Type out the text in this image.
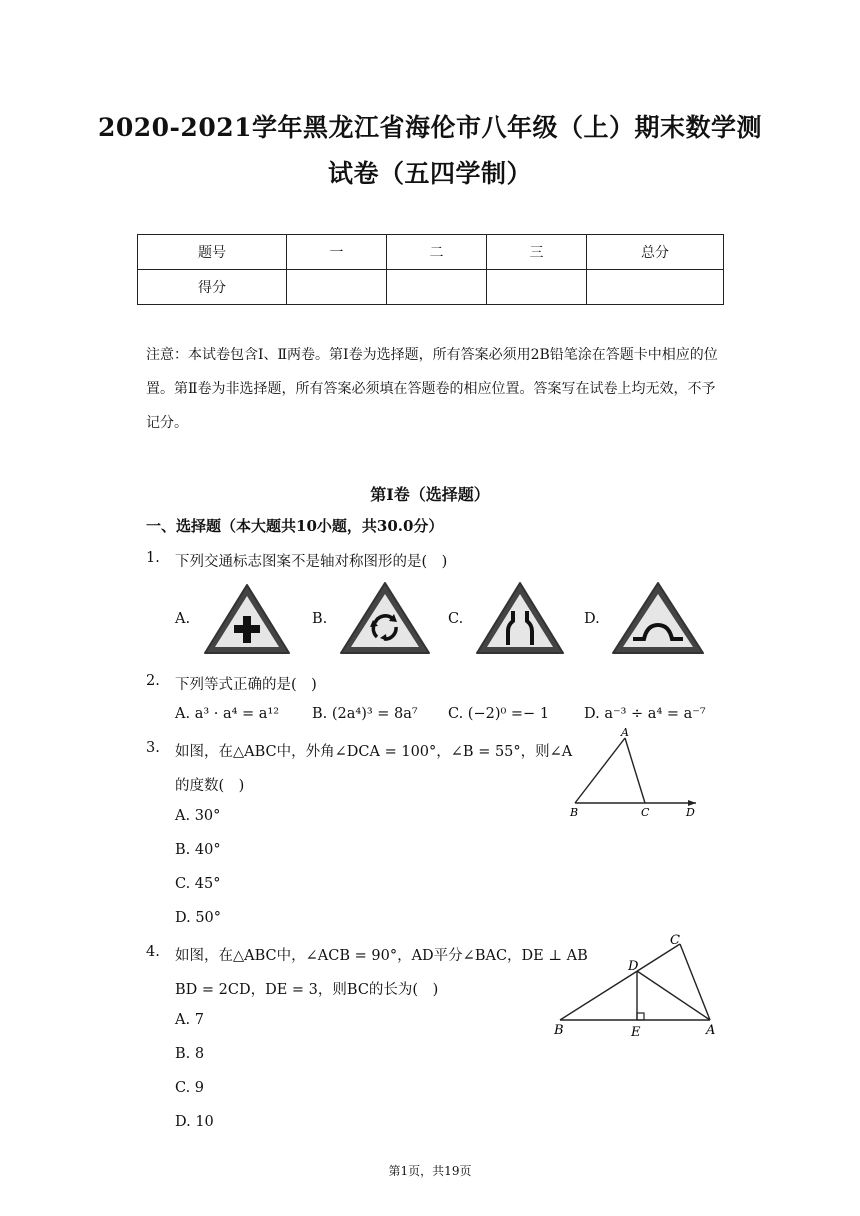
2020-2021学年黑龙江省海伦市八年级（上）期末数学测
试卷（五四学制）
题号	一	二	三	总分
得分				
注意：本试卷包含Ⅰ、Ⅱ两卷。第Ⅰ卷为选择题，所有答案必须用2B铅笔涂在答题卡中相应的位置。第Ⅱ卷为非选择题，所有答案必须填在答题卷的相应位置。答案写在试卷上均无效，不予记分。
第Ⅰ卷（选择题）
一、选择题（本大题共10小题，共30.0分）
1. 下列交通标志图案不是轴对称图形的是(　)
A.	B.	C.	D.
2. 下列等式正确的是(　)
A. a³ · a⁴ = a¹² B. (2a⁴)³ = 8a⁷ C. (−2)⁰ =− 1 D. a⁻³ ÷ a⁴ = a⁻⁷
3. 如图，在△ABC中，外角∠DCA = 100°，∠B = 55°，则∠A
的度数(　)
A. 30°
B. 40°
C. 45°
D. 50°
A
B	C	D
4. 如图，在△ABC中，∠ACB = 90°，AD平分∠BAC，DE ⊥ AB
BD = 2CD，DE = 3，则BC的长为(　)
A. 7
B. 8
C. 9
D. 10
C
D
B	E	A
第1页，共19页
